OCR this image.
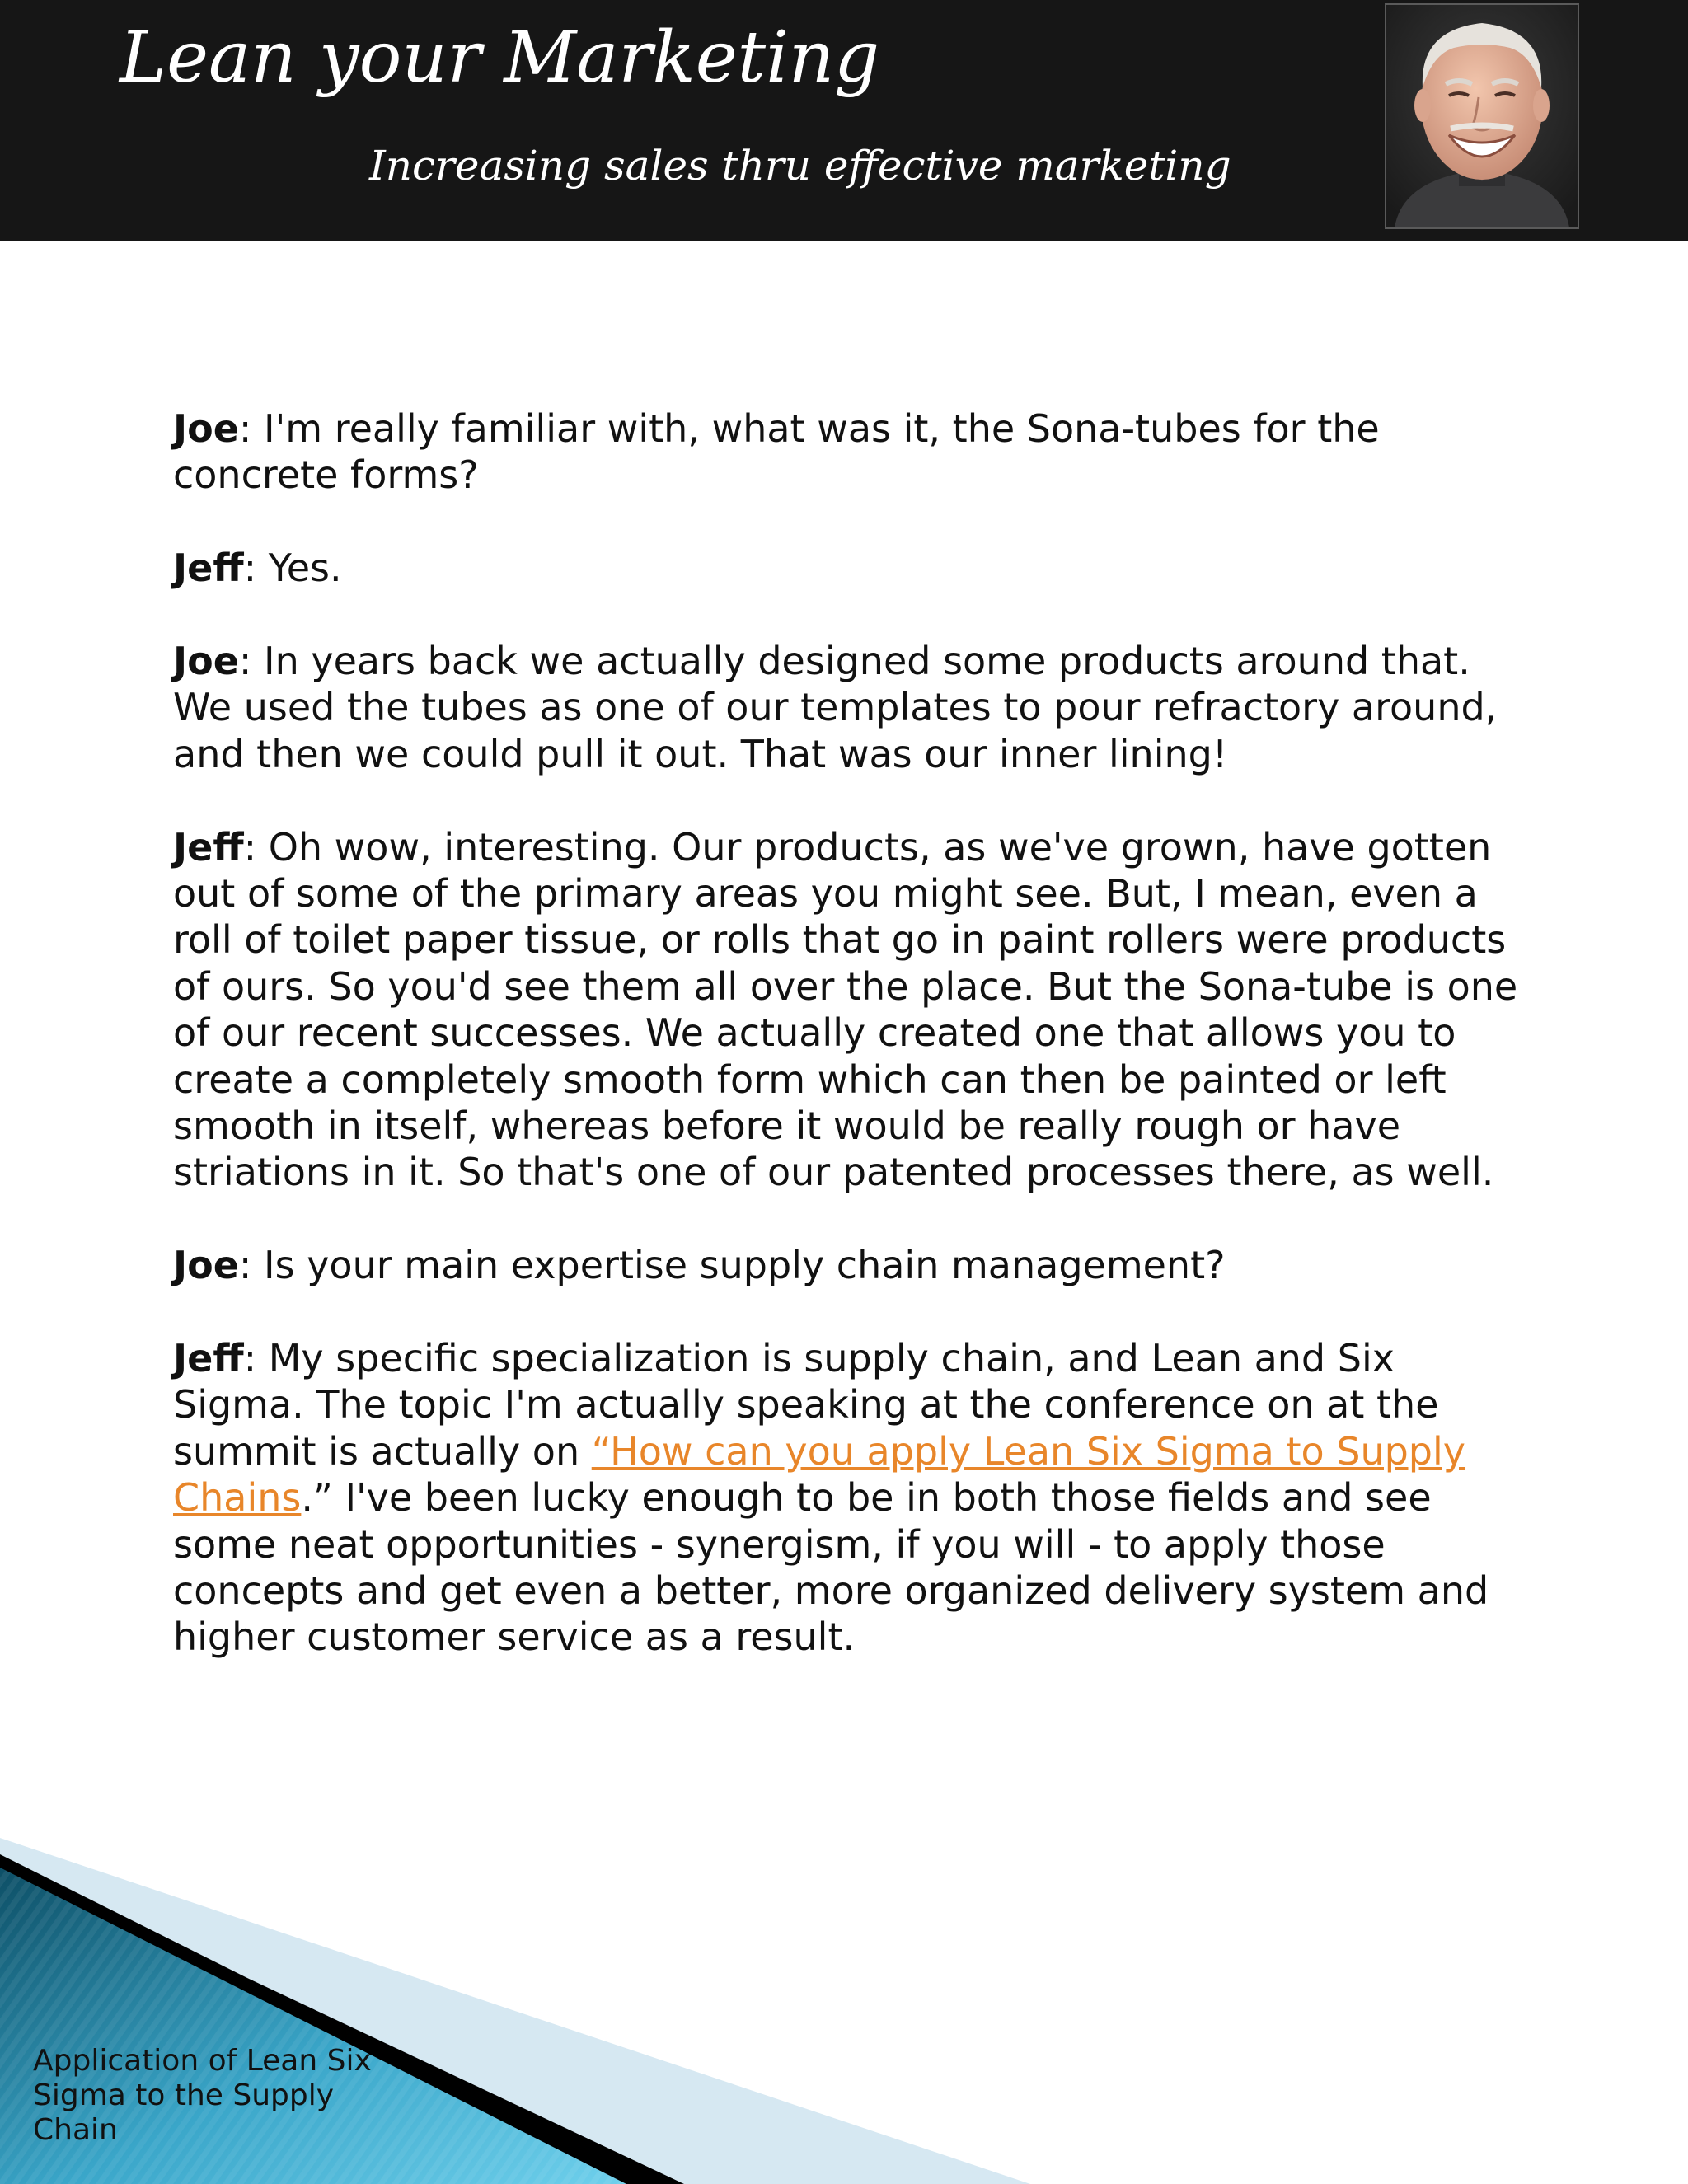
Lean your Marketing
Increasing sales thru effective marketing

Joe: I'm really familiar with, what was it, the Sona-tubes for the concrete forms?

Jeff: Yes.

Joe: In years back we actually designed some products around that. We used the tubes as one of our templates to pour refractory around, and then we could pull it out. That was our inner lining!

Jeff: Oh wow, interesting. Our products, as we've grown, have gotten out of some of the primary areas you might see. But, I mean, even a roll of toilet paper tissue, or rolls that go in paint rollers were products of ours. So you'd see them all over the place. But the Sona-tube is one of our recent successes. We actually created one that allows you to create a completely smooth form which can then be painted or left smooth in itself, whereas before it would be really rough or have striations in it. So that's one of our patented processes there, as well.

Joe: Is your main expertise supply chain management?

Jeff: My specific specialization is supply chain, and Lean and Six Sigma. The topic I'm actually speaking at the conference on at the summit is actually on “How can you apply Lean Six Sigma to Supply Chains.” I've been lucky enough to be in both those fields and see some neat opportunities - synergism, if you will - to apply those concepts and get even a better, more organized delivery system and higher customer service as a result.

Application of Lean Six Sigma to the Supply Chain
